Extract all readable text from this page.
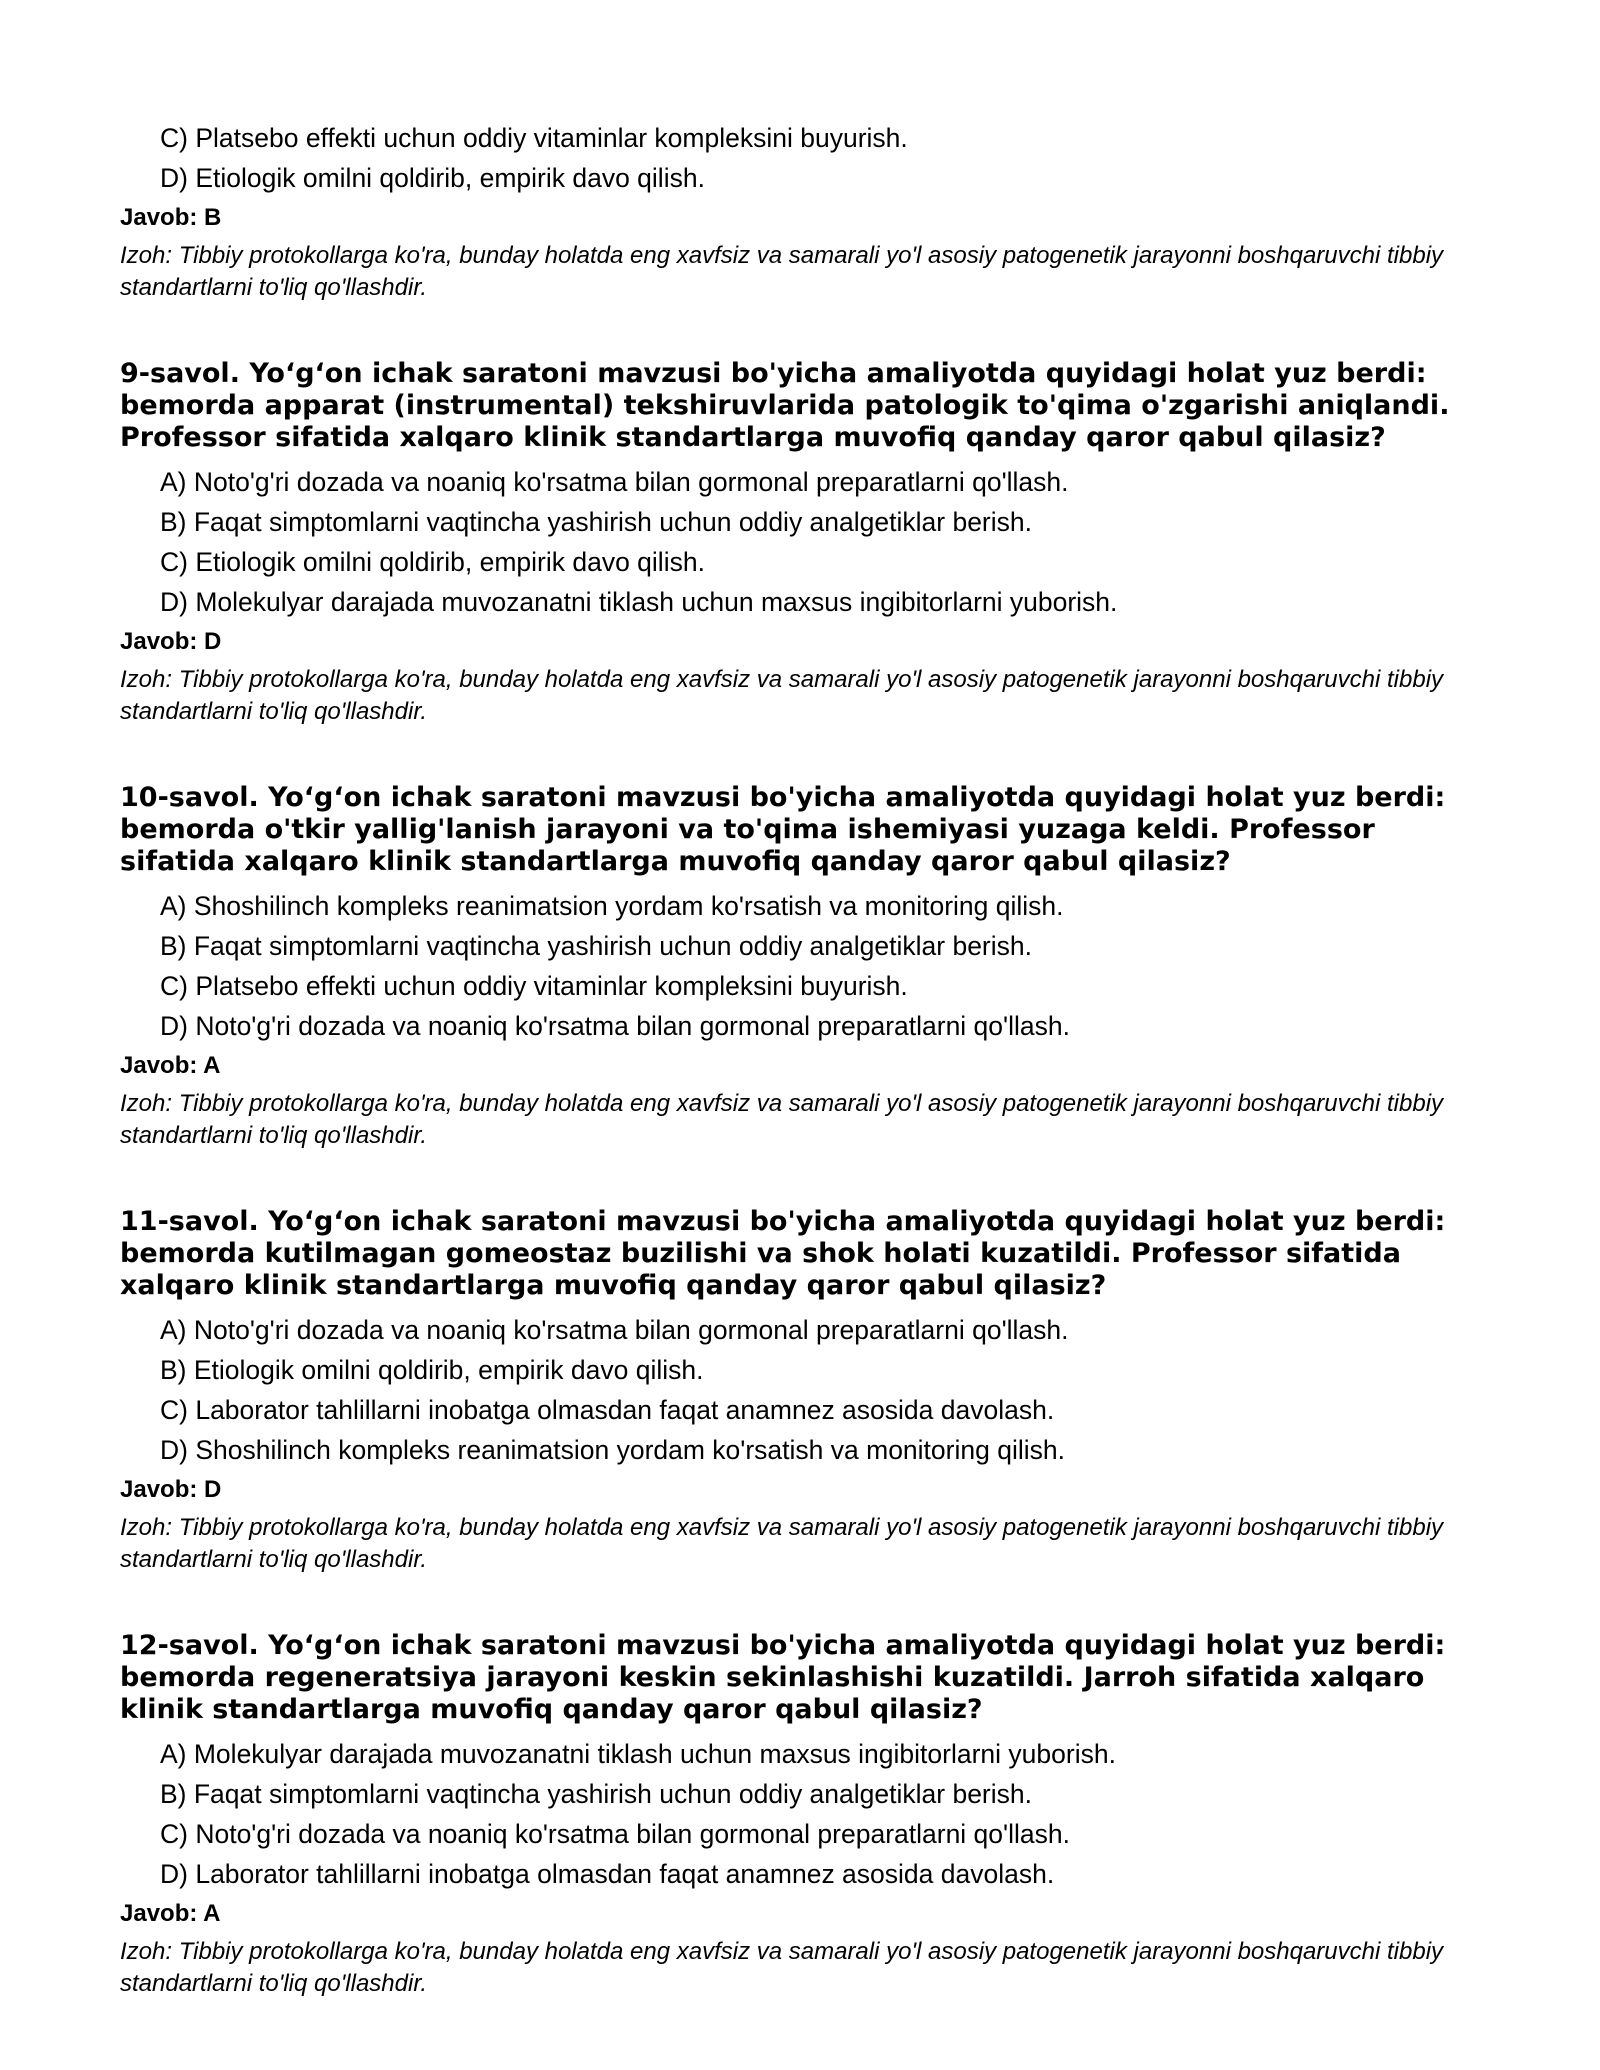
C) Platsebo effekti uchun oddiy vitaminlar kompleksini buyurish.
D) Etiologik omilni qoldirib, empirik davo qilish.
Javob: B
Izoh: Tibbiy protokollarga ko'ra, bunday holatda eng xavfsiz va samarali yo'l asosiy patogenetik jarayonni boshqaruvchi tibbiy standartlarni to'liq qo'llashdir.
9-savol. Yo‘g‘on ichak saratoni mavzusi bo'yicha amaliyotda quyidagi holat yuz berdi: bemorda apparat (instrumental) tekshiruvlarida patologik to'qima o'zgarishi aniqlandi. Professor sifatida xalqaro klinik standartlarga muvofiq qanday qaror qabul qilasiz?
A) Noto'g'ri dozada va noaniq ko'rsatma bilan gormonal preparatlarni qo'llash.
B) Faqat simptomlarni vaqtincha yashirish uchun oddiy analgetiklar berish.
C) Etiologik omilni qoldirib, empirik davo qilish.
D) Molekulyar darajada muvozanatni tiklash uchun maxsus ingibitorlarni yuborish.
Javob: D
Izoh: Tibbiy protokollarga ko'ra, bunday holatda eng xavfsiz va samarali yo'l asosiy patogenetik jarayonni boshqaruvchi tibbiy standartlarni to'liq qo'llashdir.
10-savol. Yo‘g‘on ichak saratoni mavzusi bo'yicha amaliyotda quyidagi holat yuz berdi: bemorda o'tkir yallig'lanish jarayoni va to'qima ishemiyasi yuzaga keldi. Professor sifatida xalqaro klinik standartlarga muvofiq qanday qaror qabul qilasiz?
A) Shoshilinch kompleks reanimatsion yordam ko'rsatish va monitoring qilish.
B) Faqat simptomlarni vaqtincha yashirish uchun oddiy analgetiklar berish.
C) Platsebo effekti uchun oddiy vitaminlar kompleksini buyurish.
D) Noto'g'ri dozada va noaniq ko'rsatma bilan gormonal preparatlarni qo'llash.
Javob: A
Izoh: Tibbiy protokollarga ko'ra, bunday holatda eng xavfsiz va samarali yo'l asosiy patogenetik jarayonni boshqaruvchi tibbiy standartlarni to'liq qo'llashdir.
11-savol. Yo‘g‘on ichak saratoni mavzusi bo'yicha amaliyotda quyidagi holat yuz berdi: bemorda kutilmagan gomeostaz buzilishi va shok holati kuzatildi. Professor sifatida xalqaro klinik standartlarga muvofiq qanday qaror qabul qilasiz?
A) Noto'g'ri dozada va noaniq ko'rsatma bilan gormonal preparatlarni qo'llash.
B) Etiologik omilni qoldirib, empirik davo qilish.
C) Laborator tahlillarni inobatga olmasdan faqat anamnez asosida davolash.
D) Shoshilinch kompleks reanimatsion yordam ko'rsatish va monitoring qilish.
Javob: D
Izoh: Tibbiy protokollarga ko'ra, bunday holatda eng xavfsiz va samarali yo'l asosiy patogenetik jarayonni boshqaruvchi tibbiy standartlarni to'liq qo'llashdir.
12-savol. Yo‘g‘on ichak saratoni mavzusi bo'yicha amaliyotda quyidagi holat yuz berdi: bemorda regeneratsiya jarayoni keskin sekinlashishi kuzatildi. Jarroh sifatida xalqaro klinik standartlarga muvofiq qanday qaror qabul qilasiz?
A) Molekulyar darajada muvozanatni tiklash uchun maxsus ingibitorlarni yuborish.
B) Faqat simptomlarni vaqtincha yashirish uchun oddiy analgetiklar berish.
C) Noto'g'ri dozada va noaniq ko'rsatma bilan gormonal preparatlarni qo'llash.
D) Laborator tahlillarni inobatga olmasdan faqat anamnez asosida davolash.
Javob: A
Izoh: Tibbiy protokollarga ko'ra, bunday holatda eng xavfsiz va samarali yo'l asosiy patogenetik jarayonni boshqaruvchi tibbiy standartlarni to'liq qo'llashdir.
